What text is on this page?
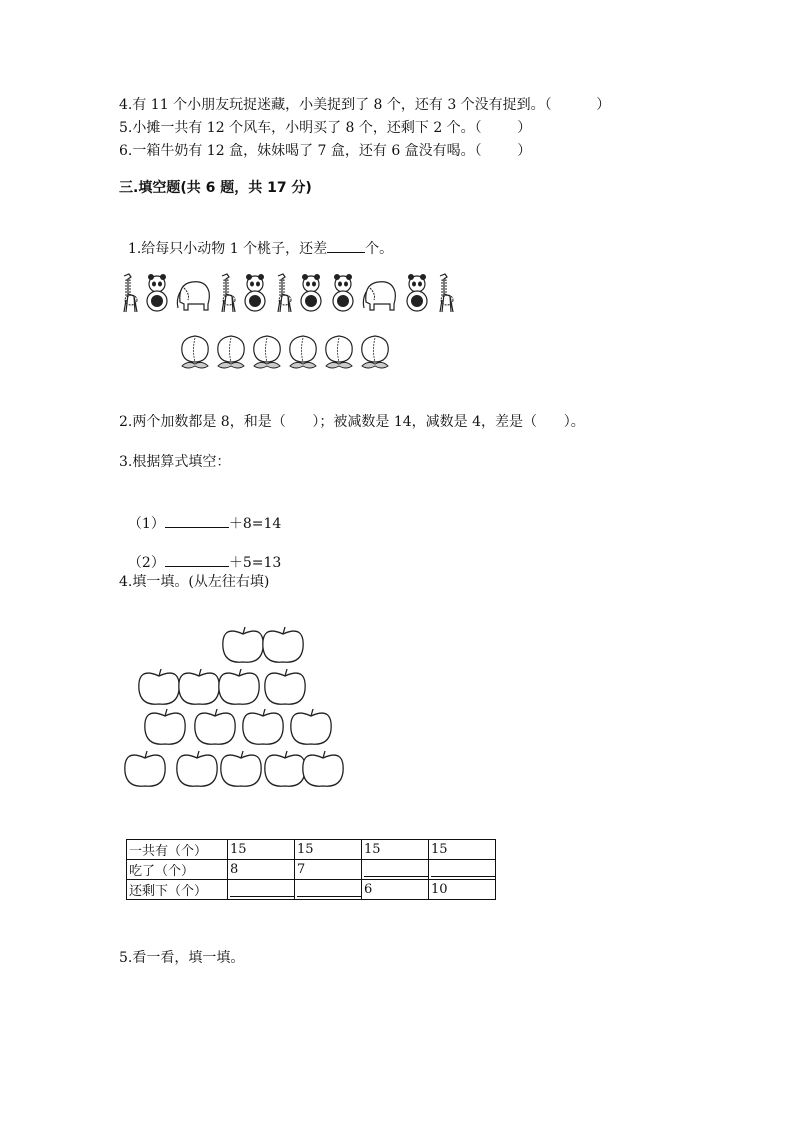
4.有 11 个小朋友玩捉迷藏，小美捉到了 8 个，还有 3 个没有捉到。（          ）
5.小摊一共有 12 个风车，小明买了 8 个，还剩下 2 个。（        ）
6.一箱牛奶有 12 盒，妹妹喝了 7 盒，还有 6 盒没有喝。（        ）
三.填空题(共 6 题，共 17 分)

1.给每只小动物 1 个桃子，还差	个。

2.两个加数都是 8，和是（      ）；被减数是 14，减数是 4，差是（      ）。
3.根据算式填空：

（1）	＋8=14

（2）	＋5=13

4.填一填。(从左往右填)
一共有（个）	15	15	15	15
吃了（个）	8	7	

还剩下（个）			6	10
5.看一看，填一填。
